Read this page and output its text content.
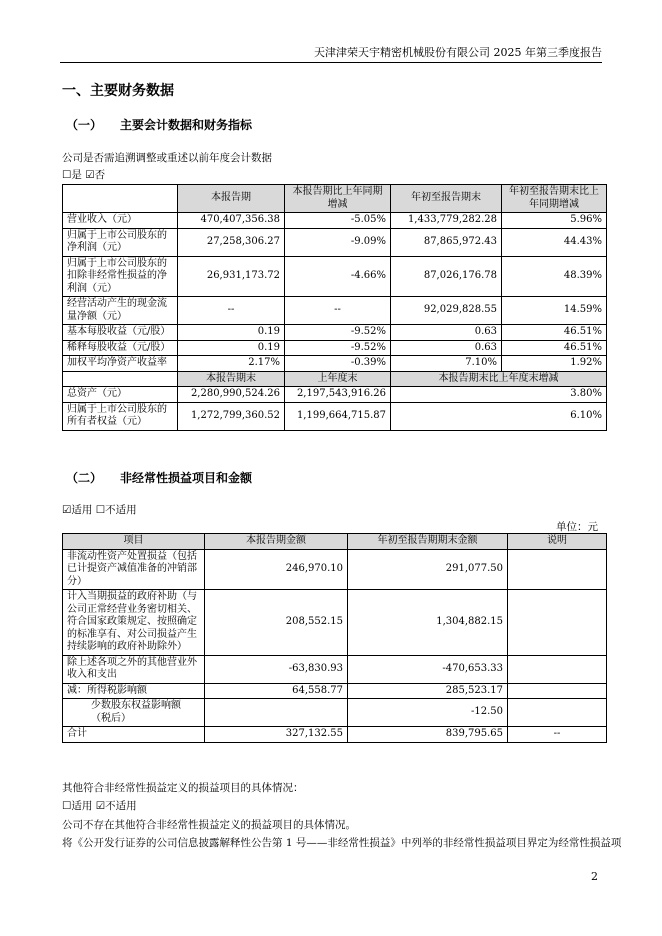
天津津荣天宇精密机械股份有限公司 2025 年第三季度报告
一、主要财务数据
（一） 主要会计数据和财务指标
公司是否需追溯调整或重述以前年度会计数据
☐是 ☑否
	本报告期	本报告期比上年同期增减	年初至报告期末	年初至报告期末比上年同期增减
营业收入（元）	470,407,356.38	-5.05%	1,433,779,282.28	5.96%
归属于上市公司股东的净利润（元）	27,258,306.27	-9.09%	87,865,972.43	44.43%
归属于上市公司股东的扣除非经常性损益的净利润（元）	26,931,173.72	-4.66%	87,026,176.78	48.39%
经营活动产生的现金流量净额（元）	--	--	92,029,828.55	14.59%
基本每股收益（元/股）	0.19	-9.52%	0.63	46.51%
稀释每股收益（元/股）	0.19	-9.52%	0.63	46.51%
加权平均净资产收益率	2.17%	-0.39%	7.10%	1.92%
	本报告期末	上年度末	本报告期末比上年度末增减	
总资产（元）	2,280,990,524.26	2,197,543,916.26	3.80%	
归属于上市公司股东的所有者权益（元）	1,272,799,360.52	1,199,664,715.87	6.10%	
（二） 非经常性损益项目和金额
☑适用 ☐不适用
单位：元
项目	本报告期金额	年初至报告期期末金额	说明
非流动性资产处置损益（包括已计提资产减值准备的冲销部分）	246,970.10	291,077.50	
计入当期损益的政府补助（与公司正常经营业务密切相关、符合国家政策规定、按照确定的标准享有、对公司损益产生持续影响的政府补助除外）	208,552.15	1,304,882.15	
除上述各项之外的其他营业外收入和支出	-63,830.93	-470,653.33	
减：所得税影响额	64,558.77	285,523.17	
少数股东权益影响额（税后）		-12.50	
合计	327,132.55	839,795.65	--
其他符合非经常性损益定义的损益项目的具体情况：
☐适用 ☑不适用
公司不存在其他符合非经常性损益定义的损益项目的具体情况。
将《公开发行证券的公司信息披露解释性公告第 1 号——非经常性损益》中列举的非经常性损益项目界定为经常性损益项
2
